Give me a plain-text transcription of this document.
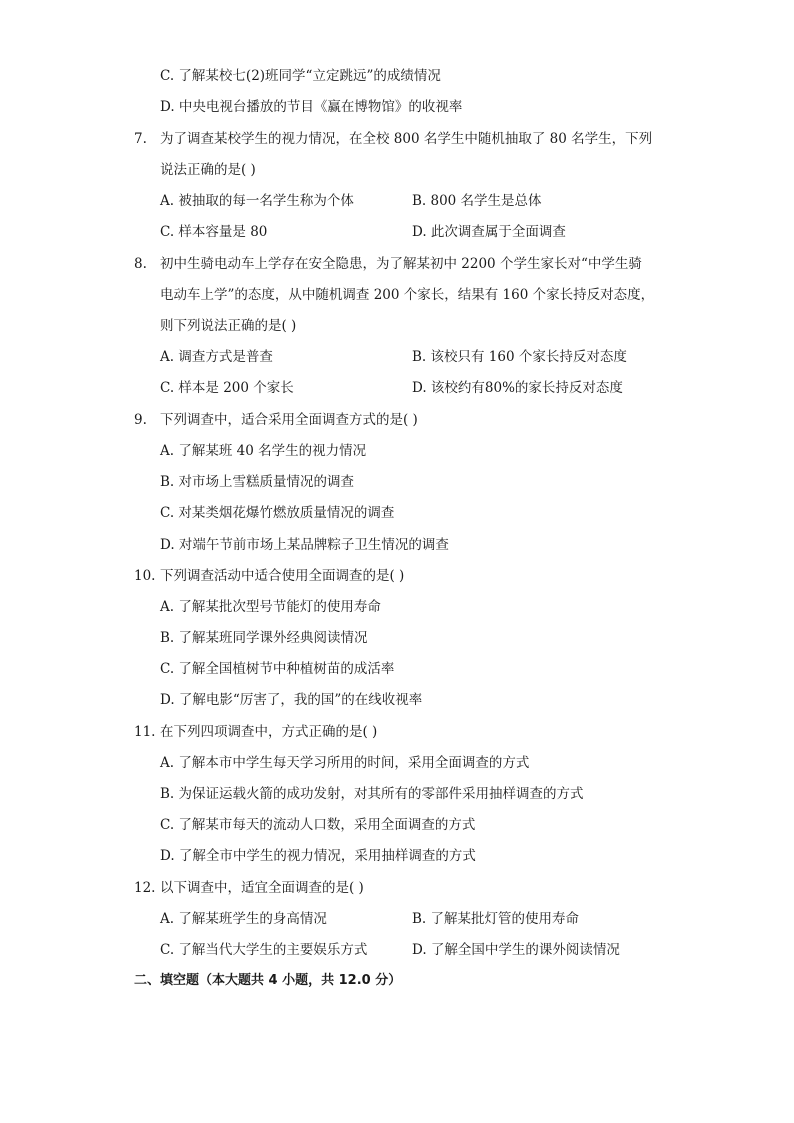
C. 了解某校七(2)班同学“立定跳远”的成绩情况
D. 中央电视台播放的节目《赢在博物馆》的收视率
7. 为了调查某校学生的视力情况，在全校 800 名学生中随机抽取了 80 名学生，下列
说法正确的是( )
A. 被抽取的每一名学生称为个体	B. 800 名学生是总体
C. 样本容量是 80	D. 此次调查属于全面调查
8. 初中生骑电动车上学存在安全隐患，为了解某初中 2200 个学生家长对“中学生骑
电动车上学”的态度，从中随机调查 200 个家长，结果有 160 个家长持反对态度，
则下列说法正确的是( )
A. 调查方式是普查	B. 该校只有 160 个家长持反对态度
C. 样本是 200 个家长	D. 该校约有80%的家长持反对态度
9. 下列调查中，适合采用全面调查方式的是( )
A. 了解某班 40 名学生的视力情况
B. 对市场上雪糕质量情况的调查
C. 对某类烟花爆竹燃放质量情况的调查
D. 对端午节前市场上某品牌粽子卫生情况的调查
10. 下列调查活动中适合使用全面调查的是( )
A. 了解某批次型号节能灯的使用寿命
B. 了解某班同学课外经典阅读情况
C. 了解全国植树节中种植树苗的成活率
D. 了解电影“厉害了，我的国”的在线收视率
11. 在下列四项调查中，方式正确的是( )
A. 了解本市中学生每天学习所用的时间，采用全面调查的方式
B. 为保证运载火箭的成功发射，对其所有的零部件采用抽样调查的方式
C. 了解某市每天的流动人口数，采用全面调查的方式
D. 了解全市中学生的视力情况，采用抽样调查的方式
12. 以下调查中，适宜全面调查的是( )
A. 了解某班学生的身高情况	B. 了解某批灯管的使用寿命
C. 了解当代大学生的主要娱乐方式	D. 了解全国中学生的课外阅读情况
二、填空题（本大题共 4 小题，共 12.0 分）
